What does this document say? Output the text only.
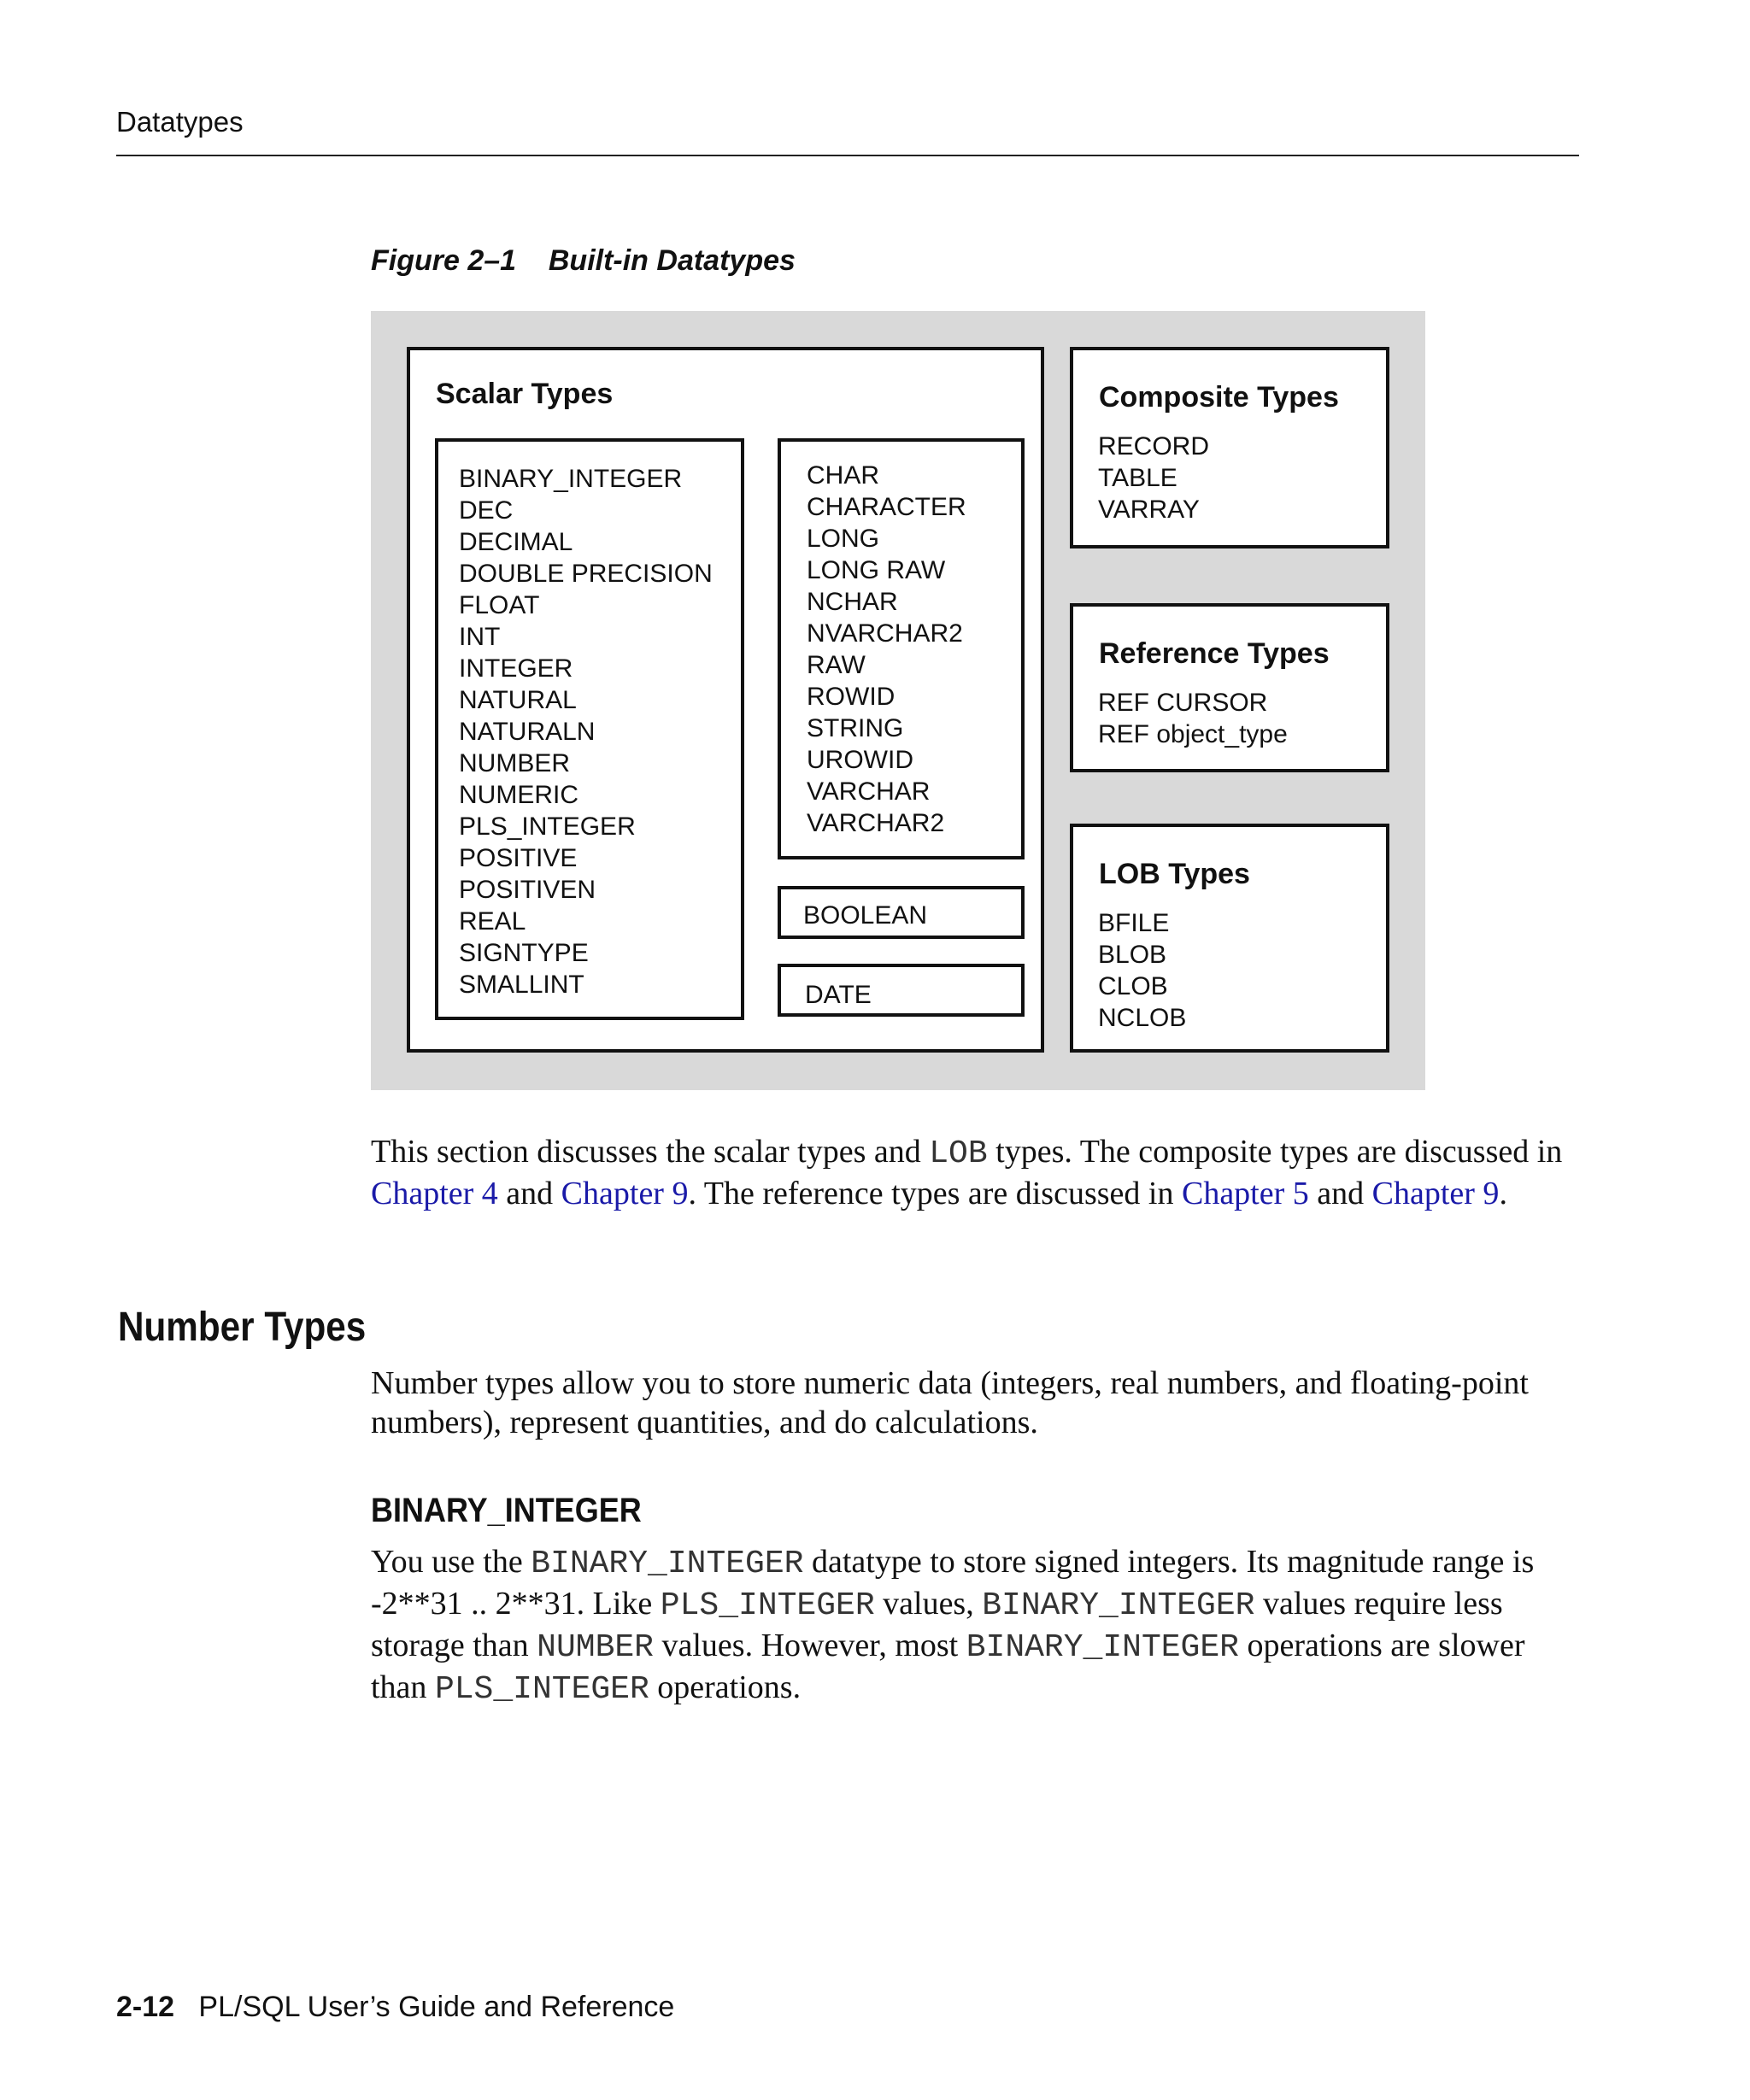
Datatypes
Figure 2–1 Built-in Datatypes
Scalar Types
BINARY_INTEGER
DEC
DECIMAL
DOUBLE PRECISION
FLOAT
INT
INTEGER
NATURAL
NATURALN
NUMBER
NUMERIC
PLS_INTEGER
POSITIVE
POSITIVEN
REAL
SIGNTYPE
SMALLINT
CHAR
CHARACTER
LONG
LONG RAW
NCHAR
NVARCHAR2
RAW
ROWID
STRING
UROWID
VARCHAR
VARCHAR2
BOOLEAN
DATE
Composite Types
RECORD
TABLE
VARRAY
Reference Types
REF CURSOR
REF object_type
LOB Types
BFILE
BLOB
CLOB
NCLOB

This section discusses the scalar types and LOB types. The composite types are discussed in Chapter 4 and Chapter 9. The reference types are discussed in Chapter 5 and Chapter 9.

Number Types

Number types allow you to store numeric data (integers, real numbers, and floating-point numbers), represent quantities, and do calculations.

BINARY_INTEGER

You use the BINARY_INTEGER datatype to store signed integers. Its magnitude range is -2**31 .. 2**31. Like PLS_INTEGER values, BINARY_INTEGER values require less storage than NUMBER values. However, most BINARY_INTEGER operations are slower than PLS_INTEGER operations.

2-12 PL/SQL User’s Guide and Reference
